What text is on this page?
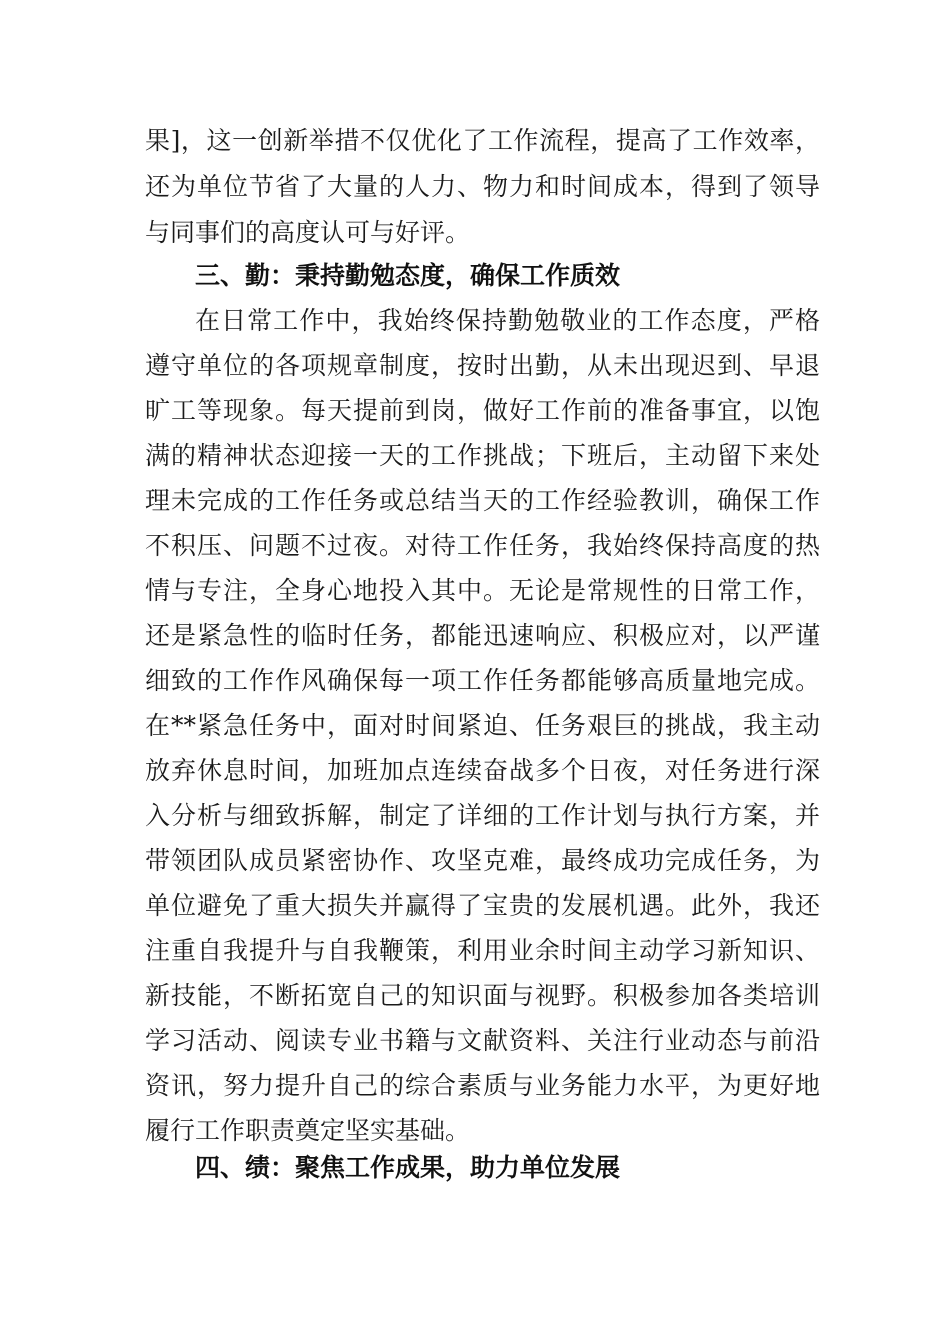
果]，这一创新举措不仅优化了工作流程，提高了工作效率，
还为单位节省了大量的人力、物力和时间成本，得到了领导
与同事们的高度认可与好评。
三、勤：秉持勤勉态度，确保工作质效
在日常工作中，我始终保持勤勉敬业的工作态度，严格
遵守单位的各项规章制度，按时出勤，从未出现迟到、早退
旷工等现象。每天提前到岗，做好工作前的准备事宜，以饱
满的精神状态迎接一天的工作挑战；下班后，主动留下来处
理未完成的工作任务或总结当天的工作经验教训，确保工作
不积压、问题不过夜。对待工作任务，我始终保持高度的热
情与专注，全身心地投入其中。无论是常规性的日常工作，
还是紧急性的临时任务，都能迅速响应、积极应对，以严谨
细致的工作作风确保每一项工作任务都能够高质量地完成。
在**紧急任务中，面对时间紧迫、任务艰巨的挑战，我主动
放弃休息时间，加班加点连续奋战多个日夜，对任务进行深
入分析与细致拆解，制定了详细的工作计划与执行方案，并
带领团队成员紧密协作、攻坚克难，最终成功完成任务，为
单位避免了重大损失并赢得了宝贵的发展机遇。此外，我还
注重自我提升与自我鞭策，利用业余时间主动学习新知识、
新技能，不断拓宽自己的知识面与视野。积极参加各类培训
学习活动、阅读专业书籍与文献资料、关注行业动态与前沿
资讯，努力提升自己的综合素质与业务能力水平，为更好地
履行工作职责奠定坚实基础。
四、绩：聚焦工作成果，助力单位发展
